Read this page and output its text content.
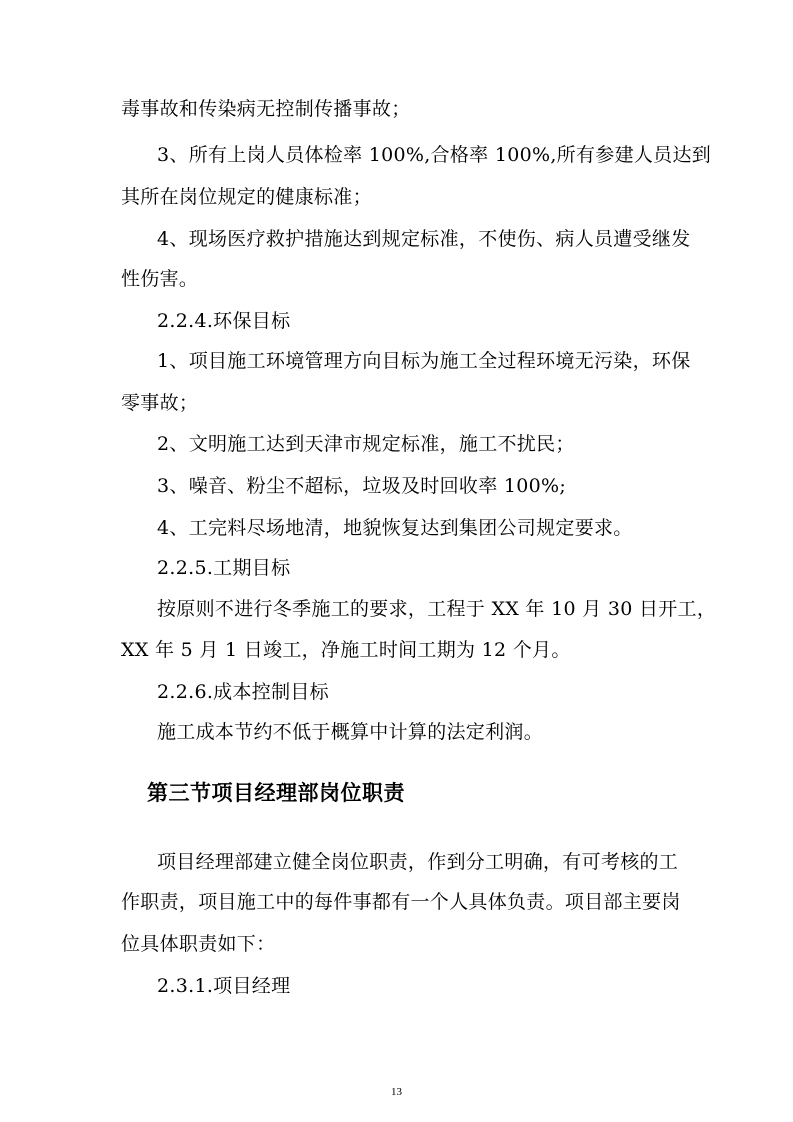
毒事故和传染病无控制传播事故；
3、所有上岗人员体检率 100%,合格率 100%,所有参建人员达到
其所在岗位规定的健康标准；
4、现场医疗救护措施达到规定标准，不使伤、病人员遭受继发
性伤害。
2.2.4.环保目标
1、项目施工环境管理方向目标为施工全过程环境无污染，环保
零事故；
2、文明施工达到天津市规定标准，施工不扰民；
3、噪音、粉尘不超标，垃圾及时回收率 100%;
4、工完料尽场地清，地貌恢复达到集团公司规定要求。
2.2.5.工期目标
按原则不进行冬季施工的要求，工程于 XX 年 10 月 30 日开工，
XX 年 5 月 1 日竣工，净施工时间工期为 12 个月。
2.2.6.成本控制目标
施工成本节约不低于概算中计算的法定利润。
第三节项目经理部岗位职责
项目经理部建立健全岗位职责，作到分工明确，有可考核的工
作职责，项目施工中的每件事都有一个人具体负责。项目部主要岗
位具体职责如下：
2.3.1.项目经理
13
